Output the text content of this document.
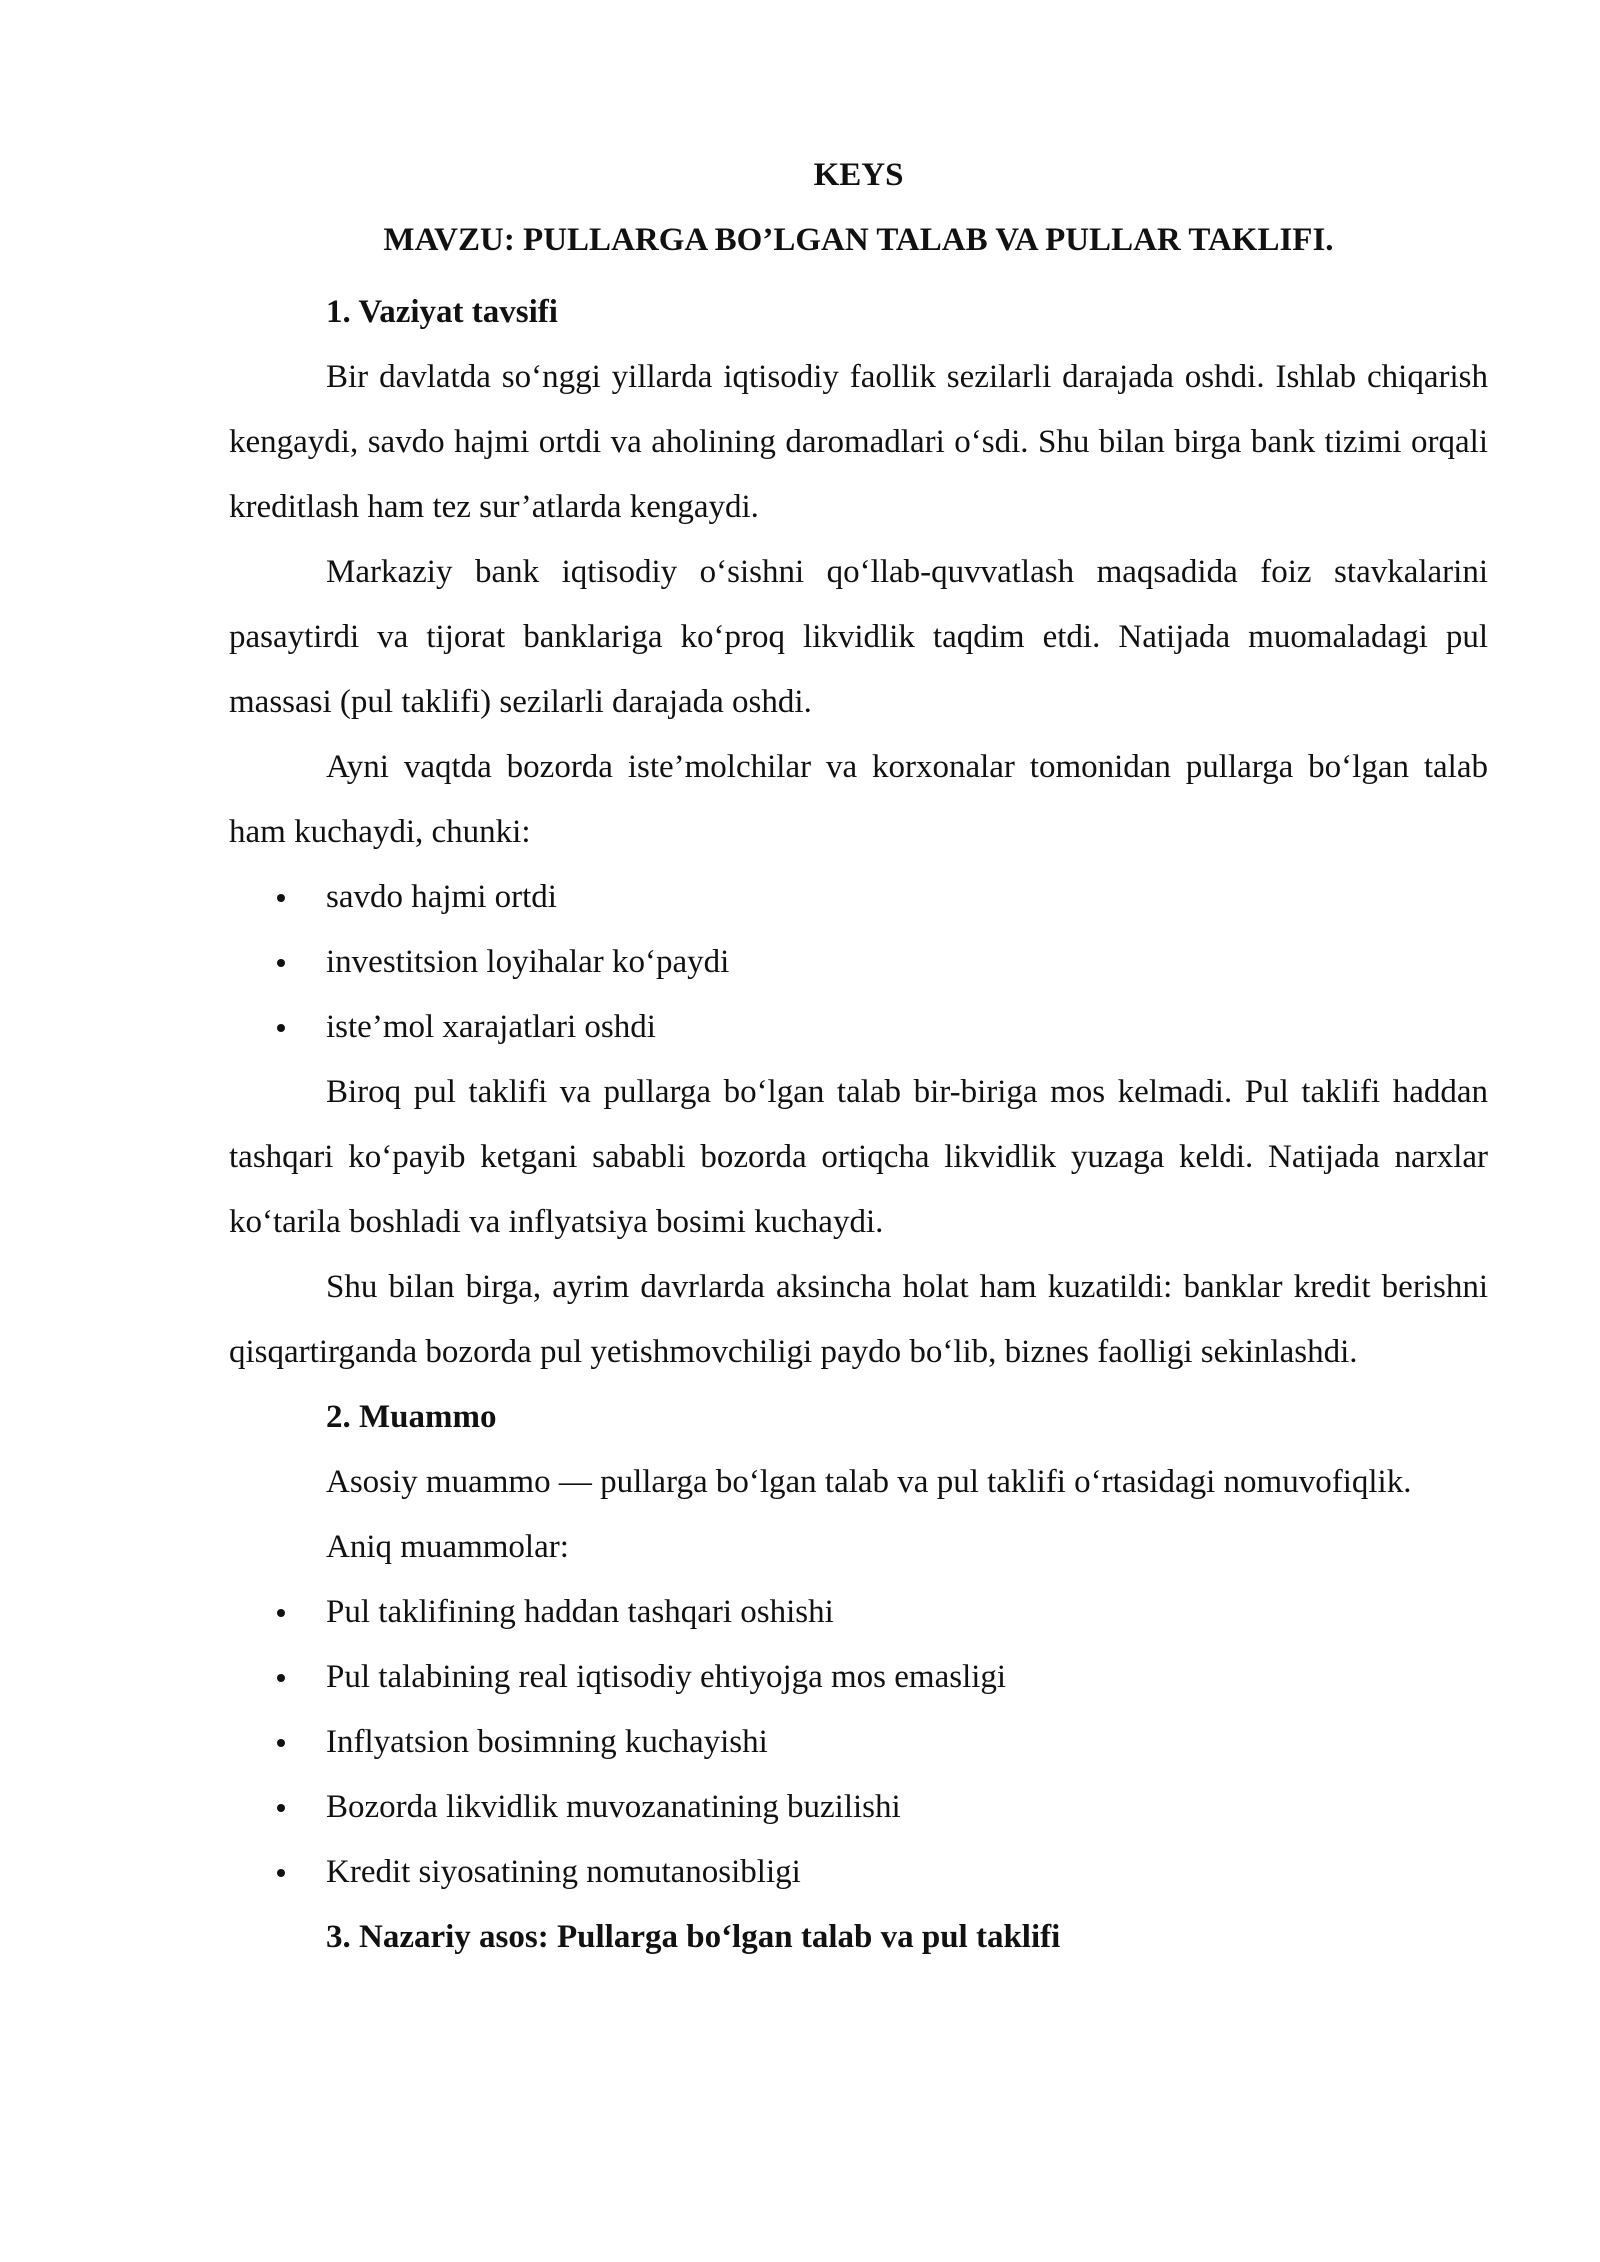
KEYS

MAVZU: PULLARGA BO’LGAN TALAB VA PULLAR TAKLIFI.

1. Vaziyat tavsifi

Bir davlatda so‘nggi yillarda iqtisodiy faollik sezilarli darajada oshdi. Ishlab chiqarish kengaydi, savdo hajmi ortdi va aholining daromadlari o‘sdi. Shu bilan birga bank tizimi orqali kreditlash ham tez sur’atlarda kengaydi.

Markaziy bank iqtisodiy o‘sishni qo‘llab-quvvatlash maqsadida foiz stavkalarini pasaytirdi va tijorat banklariga ko‘proq likvidlik taqdim etdi. Natijada muomaladagi pul massasi (pul taklifi) sezilarli darajada oshdi.

Ayni vaqtda bozorda iste’molchilar va korxonalar tomonidan pullarga bo‘lgan talab ham kuchaydi, chunki:

savdo hajmi ortdi
investitsion loyihalar ko‘paydi
iste’mol xarajatlari oshdi

Biroq pul taklifi va pullarga bo‘lgan talab bir-biriga mos kelmadi. Pul taklifi haddan tashqari ko‘payib ketgani sababli bozorda ortiqcha likvidlik yuzaga keldi. Natijada narxlar ko‘tarila boshladi va inflyatsiya bosimi kuchaydi.

Shu bilan birga, ayrim davrlarda aksincha holat ham kuzatildi: banklar kredit berishni qisqartirganda bozorda pul yetishmovchiligi paydo bo‘lib, biznes faolligi sekinlashdi.

2. Muammo

Asosiy muammo — pullarga bo‘lgan talab va pul taklifi o‘rtasidagi nomuvofiqlik.

Aniq muammolar:

Pul taklifining haddan tashqari oshishi
Pul talabining real iqtisodiy ehtiyojga mos emasligi
Inflyatsion bosimning kuchayishi
Bozorda likvidlik muvozanatining buzilishi
Kredit siyosatining nomutanosibligi

3. Nazariy asos: Pullarga bo‘lgan talab va pul taklifi
